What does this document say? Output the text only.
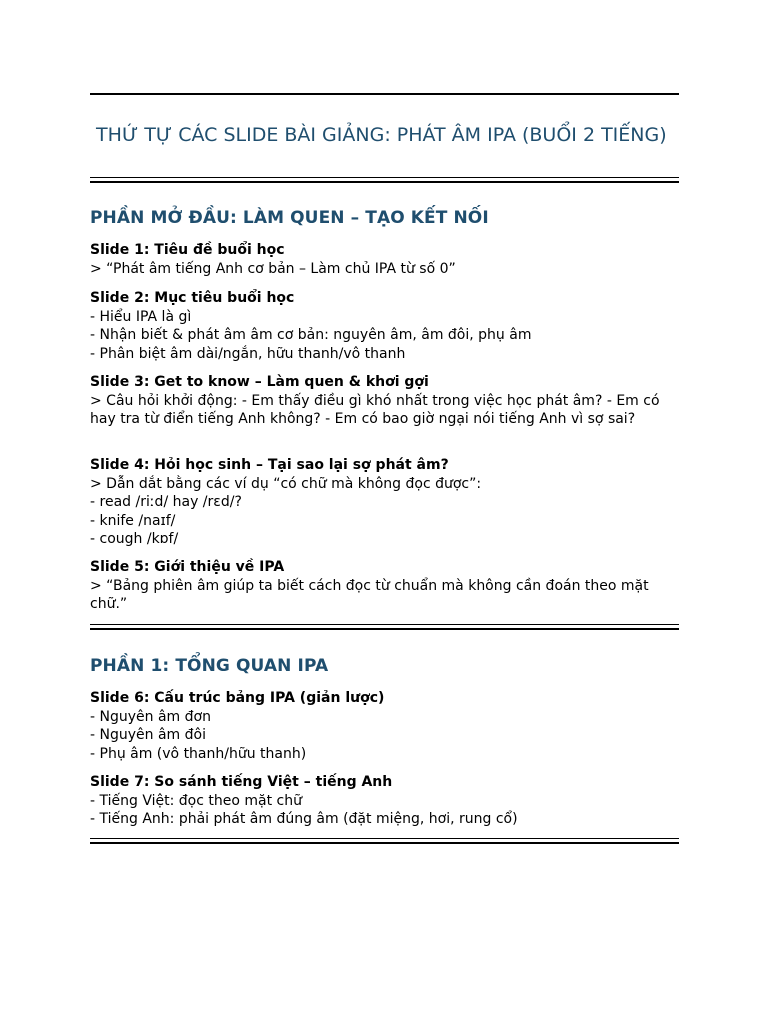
THỨ TỰ CÁC SLIDE BÀI GIẢNG: PHÁT ÂM IPA (BUỔI 2 TIẾNG)
PHẦN MỞ ĐẦU: LÀM QUEN – TẠO KẾT NỐI
Slide 1: Tiêu đề buổi học
> “Phát âm tiếng Anh cơ bản – Làm chủ IPA từ số 0”
Slide 2: Mục tiêu buổi học
- Hiểu IPA là gì
- Nhận biết & phát âm âm cơ bản: nguyên âm, âm đôi, phụ âm
- Phân biệt âm dài/ngắn, hữu thanh/vô thanh
Slide 3: Get to know – Làm quen & khơi gợi
> Câu hỏi khởi động: - Em thấy điều gì khó nhất trong việc học phát âm? - Em có hay tra từ điển tiếng Anh không? - Em có bao giờ ngại nói tiếng Anh vì sợ sai?
Slide 4: Hỏi học sinh – Tại sao lại sợ phát âm?
> Dẫn dắt bằng các ví dụ “có chữ mà không đọc được”:
- read /riːd/ hay /rɛd/?
- knife /naɪf/
- cough /kɒf/
Slide 5: Giới thiệu về IPA
> “Bảng phiên âm giúp ta biết cách đọc từ chuẩn mà không cần đoán theo mặt chữ.”
PHẦN 1: TỔNG QUAN IPA
Slide 6: Cấu trúc bảng IPA (giản lược)
- Nguyên âm đơn
- Nguyên âm đôi
- Phụ âm (vô thanh/hữu thanh)
Slide 7: So sánh tiếng Việt – tiếng Anh
- Tiếng Việt: đọc theo mặt chữ
- Tiếng Anh: phải phát âm đúng âm (đặt miệng, hơi, rung cổ)
